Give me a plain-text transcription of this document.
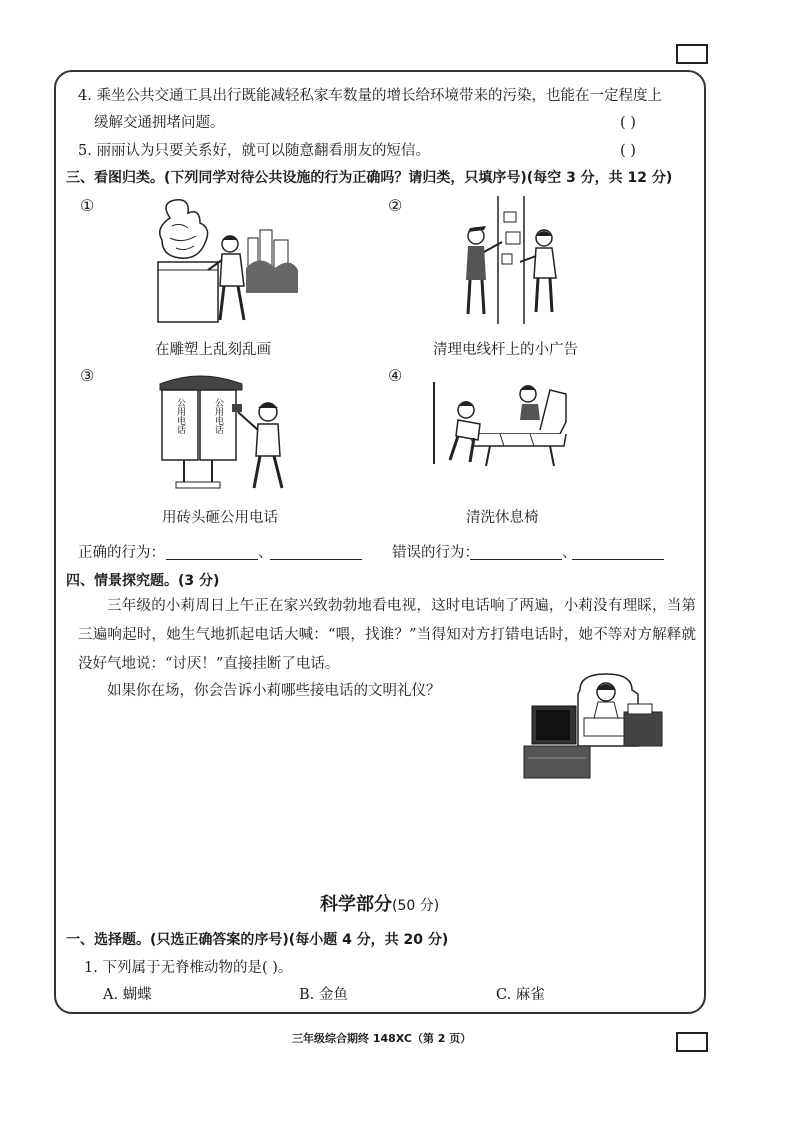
4. 乘坐公共交通工具出行既能减轻私家车数量的增长给环境带来的污染，也能在一定程度上
缓解交通拥堵问题。	( )
5. 丽丽认为只要关系好，就可以随意翻看朋友的短信。	( )
三、看图归类。(下列同学对待公共设施的行为正确吗？请归类，只填序号)(每空 3 分，共 12 分)
①	②
③	④
在雕塑上乱刻乱画	清理电线杆上的小广告
公用电话	公用电话
用砖头砸公用电话	清洗休息椅
正确的行为：	、	错误的行为：	、
四、情景探究题。(3 分)
三年级的小莉周日上午正在家兴致勃勃地看电视，这时电话响了两遍，小莉没有理睬，当第三遍响起时，她生气地抓起电话大喊：“喂，找谁？”当得知对方打错电话时，她不等对方解释就没好气地说：“讨厌！”直接挂断了电话。
如果你在场，你会告诉小莉哪些接电话的文明礼仪？
科学部分(50 分)
一、选择题。(只选正确答案的序号)(每小题 4 分，共 20 分)
1. 下列属于无脊椎动物的是( )。
A. 蝴蝶	B. 金鱼	C. 麻雀
三年级综合期终 148XC（第 2 页）
